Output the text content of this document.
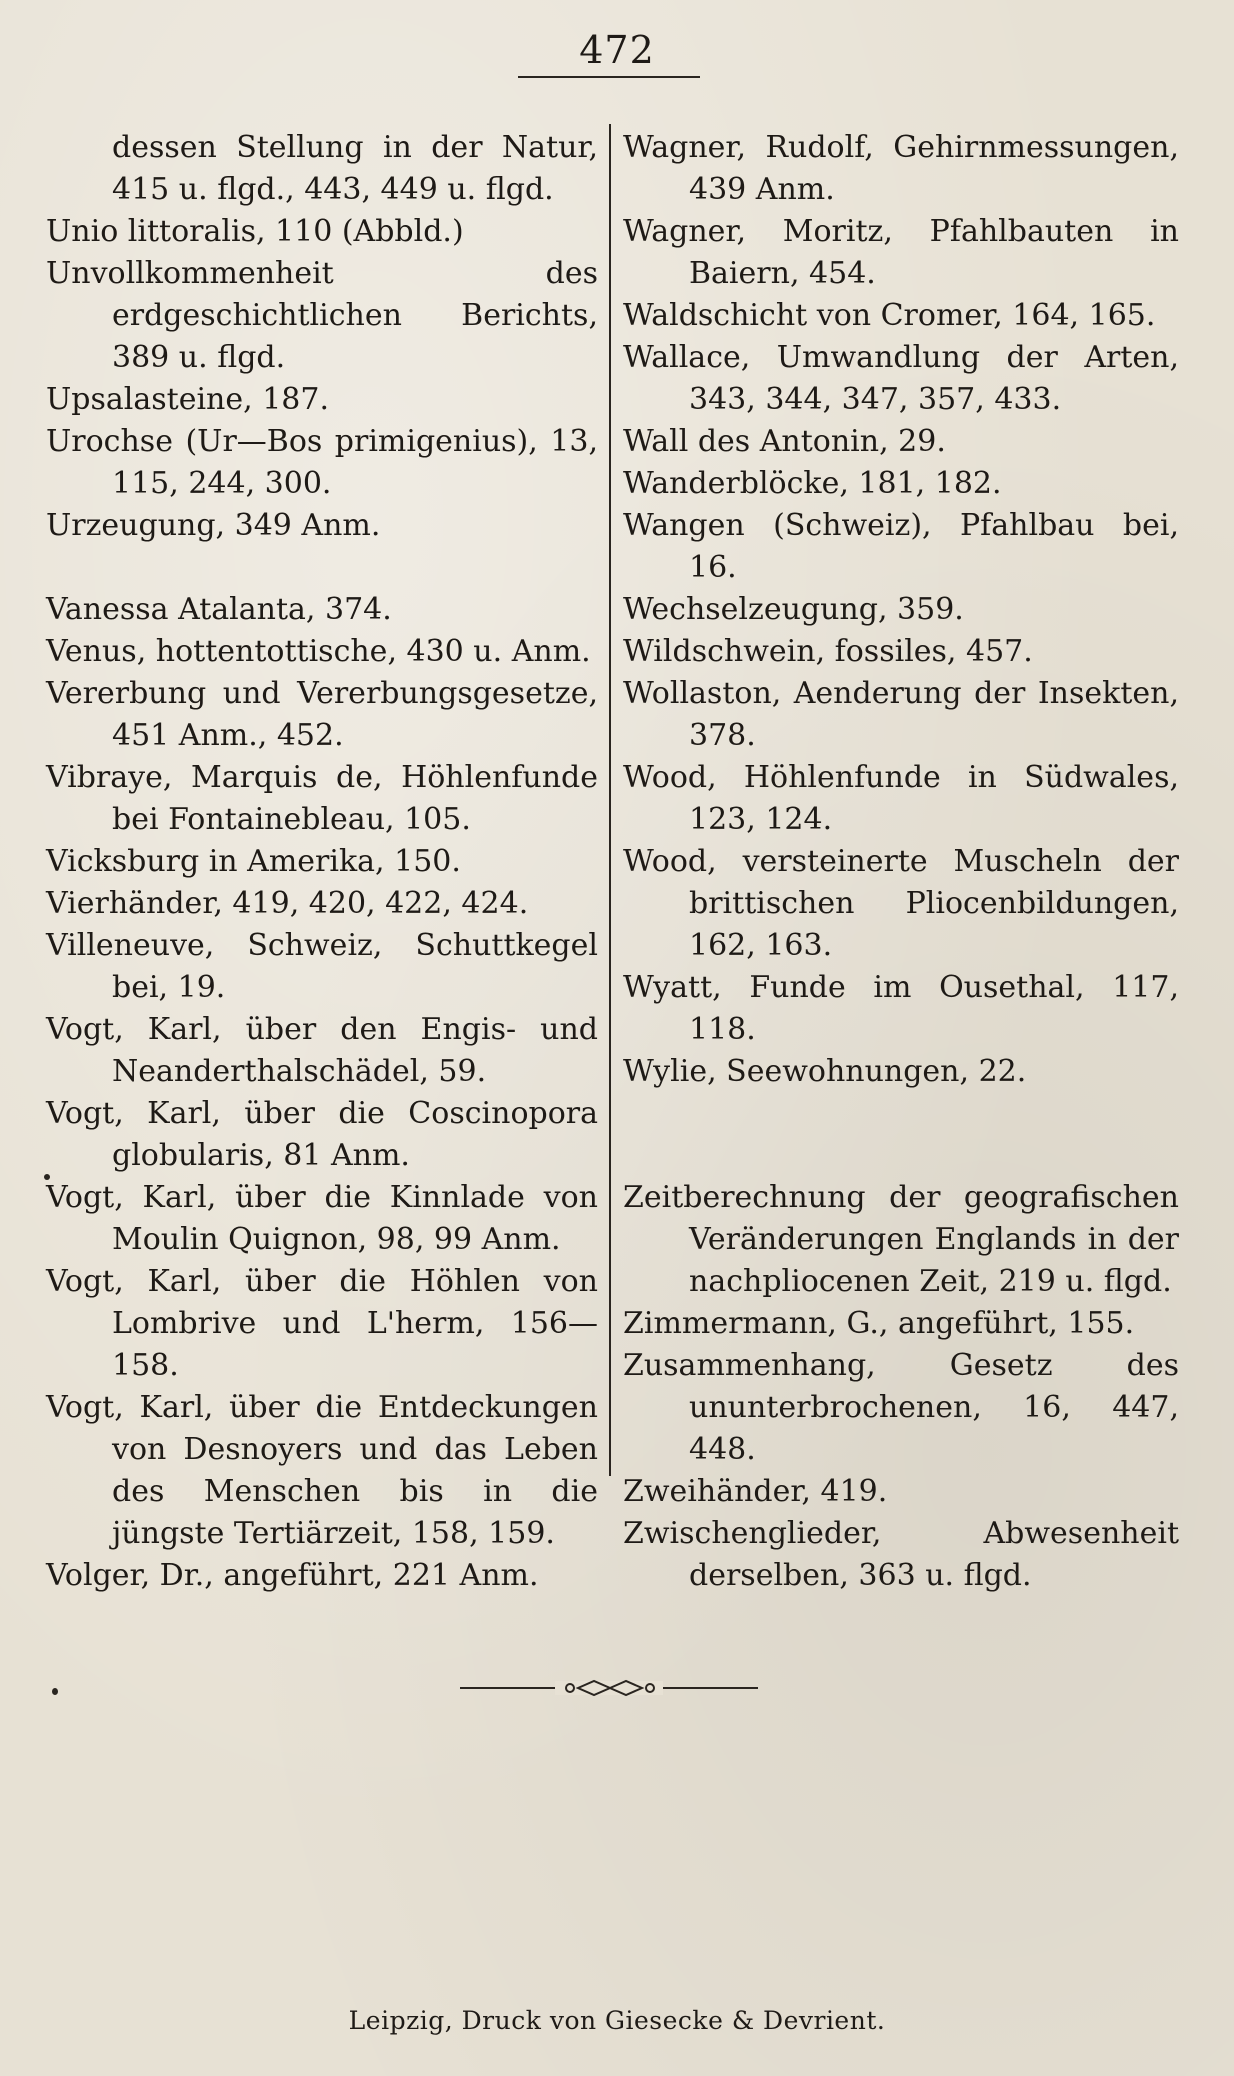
472
dessen Stellung in der Natur, 415 u. flgd., 443, 449 u. flgd.
Unio littoralis, 110 (Abbld.)
Unvollkommenheit des erdgeschichtlichen Berichts, 389 u. flgd.
Upsalasteine, 187.
Urochse (Ur—Bos primigenius), 13, 115, 244, 300.
Urzeugung, 349 Anm.
Vanessa Atalanta, 374.
Venus, hottentottische, 430 u. Anm.
Vererbung und Vererbungsgesetze, 451 Anm., 452.
Vibraye, Marquis de, Höhlenfunde bei Fontainebleau, 105.
Vicksburg in Amerika, 150.
Vierhänder, 419, 420, 422, 424.
Villeneuve, Schweiz, Schuttkegel bei, 19.
Vogt, Karl, über den Engis- und Neanderthalschädel, 59.
Vogt, Karl, über die Coscinopora globularis, 81 Anm.
Vogt, Karl, über die Kinnlade von Moulin Quignon, 98, 99 Anm.
Vogt, Karl, über die Höhlen von Lombrive und L'herm, 156—158.
Vogt, Karl, über die Entdeckungen von Desnoyers und das Leben des Menschen bis in die jüngste Tertiärzeit, 158, 159.
Volger, Dr., angeführt, 221 Anm.
Wagner, Rudolf, Gehirnmessungen, 439 Anm.
Wagner, Moritz, Pfahlbauten in Baiern, 454.
Waldschicht von Cromer, 164, 165.
Wallace, Umwandlung der Arten, 343, 344, 347, 357, 433.
Wall des Antonin, 29.
Wanderblöcke, 181, 182.
Wangen (Schweiz), Pfahlbau bei, 16.
Wechselzeugung, 359.
Wildschwein, fossiles, 457.
Wollaston, Aenderung der Insekten, 378.
Wood, Höhlenfunde in Südwales, 123, 124.
Wood, versteinerte Muscheln der brittischen Pliocenbildungen, 162, 163.
Wyatt, Funde im Ousethal, 117, 118.
Wylie, Seewohnungen, 22.
Zeitberechnung der geografischen Veränderungen Englands in der nachpliocenen Zeit, 219 u. flgd.
Zimmermann, G., angeführt, 155.
Zusammenhang, Gesetz des ununterbrochenen, 16, 447, 448.
Zweihänder, 419.
Zwischenglieder, Abwesenheit derselben, 363 u. flgd.
Leipzig, Druck von Giesecke & Devrient.
